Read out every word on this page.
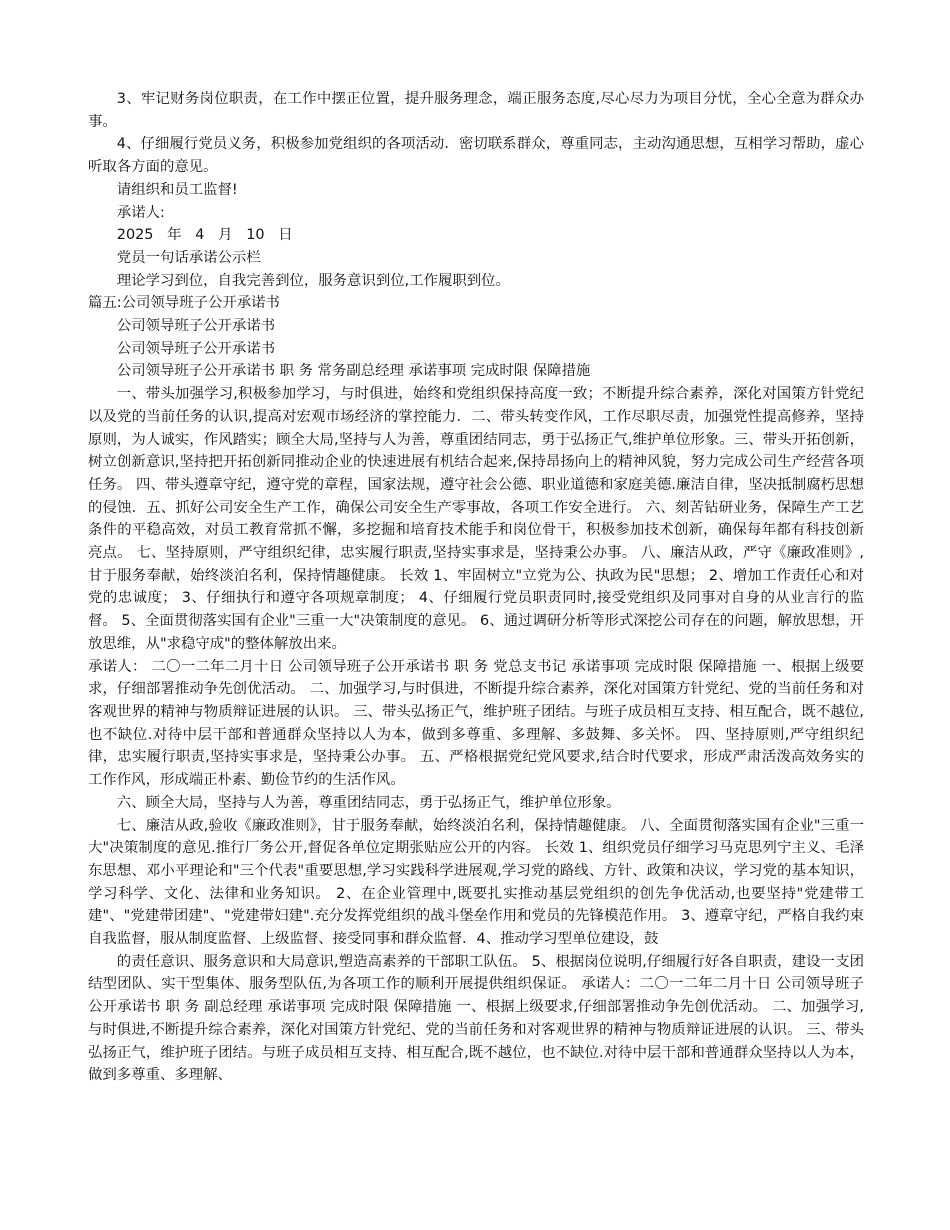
3、牢记财务岗位职责，在工作中摆正位置，提升服务理念，端正服务态度,尽心尽力为项目分忧，全心全意为群众办事。

4、仔细履行党员义务，积极参加党组织的各项活动．密切联系群众，尊重同志，主动沟通思想，互相学习帮助，虚心听取各方面的意见。

请组织和员工监督!

承诺人:

2025   年   4   月   10   日

党员一句话承诺公示栏

理论学习到位，自我完善到位，服务意识到位,工作履职到位。

篇五:公司领导班子公开承诺书

公司领导班子公开承诺书

公司领导班子公开承诺书

公司领导班子公开承诺书 职 务 常务副总经理 承诺事项 完成时限 保障措施

一、带头加强学习,积极参加学习，与时俱进，始终和党组织保持高度一致；不断提升综合素养，深化对国策方针党纪以及党的当前任务的认识,提高对宏观市场经济的掌控能力．二、带头转变作风，工作尽职尽责，加强党性提高修养，坚持原则，为人诚实，作风踏实；顾全大局,坚持与人为善，尊重团结同志，勇于弘扬正气,维护单位形象。三、带头开拓创新，树立创新意识,坚持把开拓创新同推动企业的快速进展有机结合起来,保持昂扬向上的精神风貌，努力完成公司生产经营各项任务。 四、带头遵章守纪，遵守党的章程，国家法规，遵守社会公德、职业道德和家庭美德.廉洁自律，坚决抵制腐朽思想的侵蚀．五、抓好公司安全生产工作，确保公司安全生产零事故，各项工作安全进行。 六、刻苦钻研业务，保障生产工艺条件的平稳高效，对员工教育常抓不懈，多挖掘和培育技术能手和岗位骨干，积极参加技术创新，确保每年都有科技创新亮点。 七、坚持原则，严守组织纪律，忠实履行职责,坚持实事求是，坚持秉公办事。 八、廉洁从政，严守《廉政准则》,甘于服务奉献，始终淡泊名利，保持情趣健康。 长效 1、牢固树立"立党为公、执政为民"思想； 2、增加工作责任心和对党的忠诚度； 3、仔细执行和遵守各项规章制度； 4、仔细履行党员职责同时,接受党组织及同事对自身的从业言行的监督。 5、全面贯彻落实国有企业"三重一大"决策制度的意见。 6、通过调研分析等形式深挖公司存在的问题，解放思想，开放思维，从"求稳守成"的整体解放出来。

承诺人： 二〇一二年二月十日 公司领导班子公开承诺书 职 务 党总支书记 承诺事项 完成时限 保障措施 一、根据上级要求，仔细部署推动争先创优活动。 二、加强学习,与时俱进，不断提升综合素养，深化对国策方针党纪、党的当前任务和对客观世界的精神与物质辩证进展的认识。 三、带头弘扬正气，维护班子团结。与班子成员相互支持、相互配合，既不越位,也不缺位.对待中层干部和普通群众坚持以人为本，做到多尊重、多理解、多鼓舞、多关怀。 四、坚持原则,严守组织纪律，忠实履行职责,坚持实事求是，坚持秉公办事。 五、严格根据党纪党风要求,结合时代要求，形成严肃活泼高效务实的工作作风，形成端正朴素、勤俭节约的生活作风。

六、顾全大局，坚持与人为善，尊重团结同志，勇于弘扬正气，维护单位形象。

七、廉洁从政,验收《廉政准则》，甘于服务奉献，始终淡泊名利，保持情趣健康。 八、全面贯彻落实国有企业"三重一大"决策制度的意见.推行厂务公开,督促各单位定期张贴应公开的内容。 长效 1、组织党员仔细学习马克思列宁主义、毛泽东思想、邓小平理论和"三个代表"重要思想,学习实践科学进展观,学习党的路线、方针、政策和决议，学习党的基本知识，学习科学、文化、法律和业务知识。 2、在企业管理中,既要扎实推动基层党组织的创先争优活动,也要坚持"党建带工建"、"党建带团建"、"党建带妇建".充分发挥党组织的战斗堡垒作用和党员的先锋模范作用。 3、遵章守纪，严格自我约束自我监督，服从制度监督、上级监督、接受同事和群众监督．4、推动学习型单位建设，鼓

的责任意识、服务意识和大局意识,塑造高素养的干部职工队伍。 5、根据岗位说明,仔细履行好各自职责，建设一支团结型团队、实干型集体、服务型队伍,为各项工作的顺利开展提供组织保证。 承诺人：二〇一二年二月十日 公司领导班子公开承诺书 职 务 副总经理 承诺事项 完成时限 保障措施 一、根据上级要求,仔细部署推动争先创优活动。 二、加强学习,与时俱进,不断提升综合素养，深化对国策方针党纪、党的当前任务和对客观世界的精神与物质辩证进展的认识。 三、带头弘扬正气，维护班子团结。与班子成员相互支持、相互配合,既不越位，也不缺位.对待中层干部和普通群众坚持以人为本，做到多尊重、多理解、
